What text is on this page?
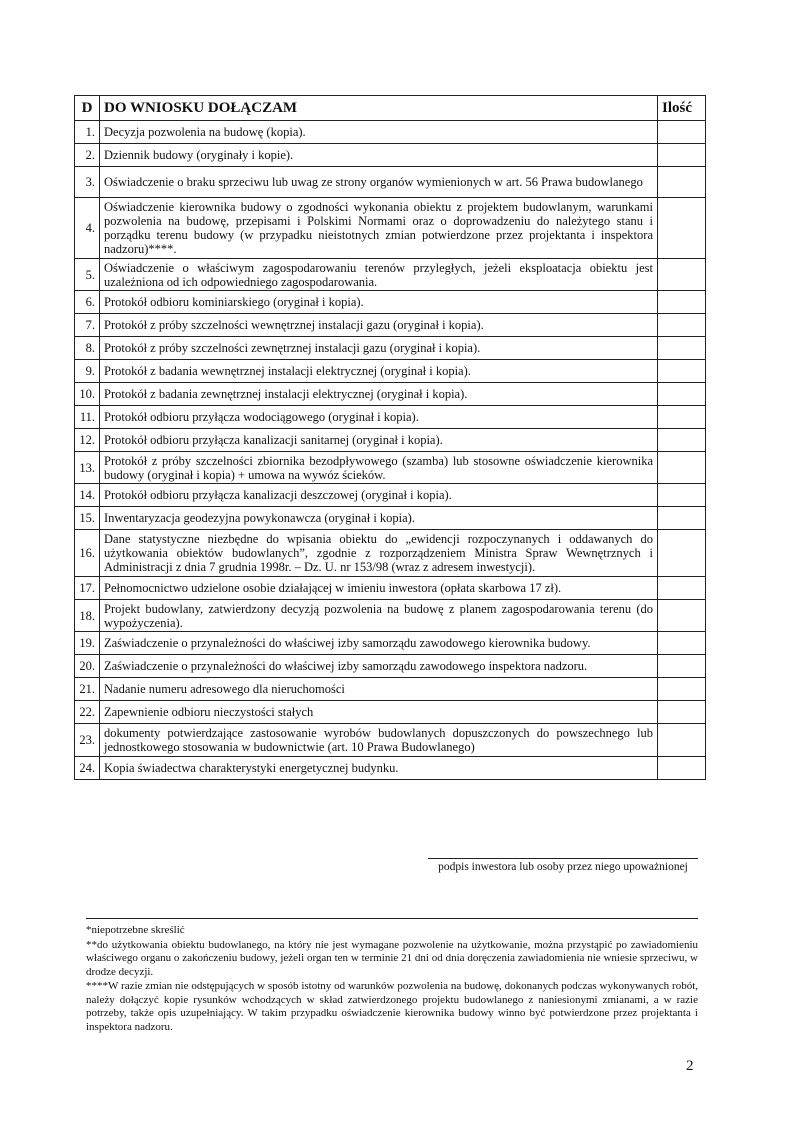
D	DO WNIOSKU DOŁĄCZAM	Ilość
1.	Decyzja pozwolenia na budowę (kopia).	
2.	Dziennik budowy (oryginały i kopie).	
3.	Oświadczenie o braku sprzeciwu lub uwag ze strony organów wymienionych w art. 56 Prawa budowlanego	
4.	Oświadczenie kierownika budowy o zgodności wykonania obiektu z projektem budowlanym, warunkami pozwolenia na budowę, przepisami i Polskimi Normami oraz o doprowadzeniu do należytego stanu i porządku terenu budowy (w przypadku nieistotnych zmian potwierdzone przez projektanta i inspektora nadzoru)****.	
5.	Oświadczenie o właściwym zagospodarowaniu terenów przyległych, jeżeli eksploatacja obiektu jest uzależniona od ich odpowiedniego zagospodarowania.	
6.	Protokół odbioru kominiarskiego (oryginał i kopia).	
7.	Protokół z próby szczelności wewnętrznej instalacji gazu (oryginał i kopia).	
8.	Protokół z próby szczelności zewnętrznej instalacji gazu (oryginał i kopia).	
9.	Protokół z badania wewnętrznej instalacji elektrycznej (oryginał i kopia).	
10.	Protokół z badania zewnętrznej instalacji elektrycznej (oryginał i kopia).	
11.	Protokół odbioru przyłącza wodociągowego (oryginał i kopia).	
12.	Protokół odbioru przyłącza kanalizacji sanitarnej (oryginał i kopia).	
13.	Protokół z próby szczelności zbiornika bezodpływowego (szamba) lub stosowne oświadczenie kierownika budowy (oryginał i kopia) + umowa na wywóz ścieków.	
14.	Protokół odbioru przyłącza kanalizacji deszczowej (oryginał i kopia).	
15.	Inwentaryzacja geodezyjna powykonawcza (oryginał i kopia).	
16.	Dane statystyczne niezbędne do wpisania obiektu do „ewidencji rozpoczynanych i oddawanych do użytkowania obiektów budowlanych”, zgodnie z rozporządzeniem Ministra Spraw Wewnętrznych i Administracji z dnia 7 grudnia 1998r. – Dz. U. nr 153/98 (wraz z adresem inwestycji).	
17.	Pełnomocnictwo udzielone osobie działającej w imieniu inwestora (opłata skarbowa 17 zł).	
18.	Projekt budowlany, zatwierdzony decyzją pozwolenia na budowę z planem zagospodarowania terenu (do wypożyczenia).	
19.	Zaświadczenie o przynależności do właściwej izby samorządu zawodowego kierownika budowy.	
20.	Zaświadczenie o przynależności do właściwej izby samorządu zawodowego inspektora nadzoru.	
21.	Nadanie numeru adresowego dla nieruchomości	
22.	Zapewnienie odbioru nieczystości stałych	
23.	dokumenty potwierdzające zastosowanie wyrobów budowlanych dopuszczonych do powszechnego lub jednostkowego stosowania w budownictwie (art. 10 Prawa Budowlanego)	
24.	Kopia świadectwa charakterystyki energetycznej budynku.	
podpis inwestora lub osoby przez niego upoważnionej

*niepotrzebne skreślić

**do użytkowania obiektu budowlanego, na który nie jest wymagane pozwolenie na użytkowanie, można przystąpić po zawiadomieniu właściwego organu o zakończeniu budowy, jeżeli organ ten w terminie 21 dni od dnia doręczenia zawiadomienia nie wniesie sprzeciwu, w drodze decyzji.

****W razie zmian nie odstępujących w sposób istotny od warunków pozwolenia na budowę, dokonanych podczas wykonywanych robót, należy dołączyć kopie rysunków wchodzących w skład zatwierdzonego projektu budowlanego z naniesionymi zmianami, a w razie potrzeby, także opis uzupełniający. W takim przypadku oświadczenie kierownika budowy winno być potwierdzone przez projektanta i inspektora nadzoru.

2
